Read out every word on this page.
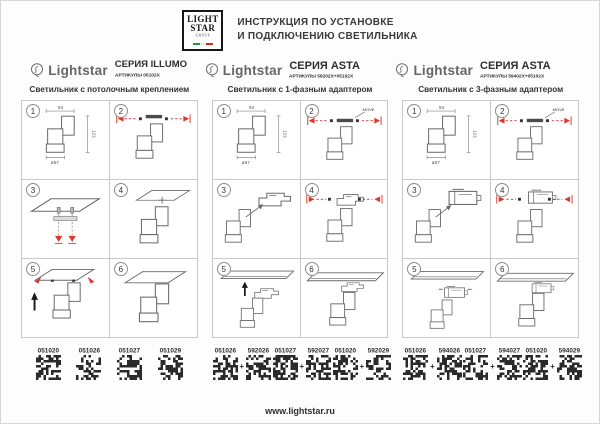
LIGHT
STAR
GROUP
ИНСТРУКЦИЯ ПО УСТАНОВКЕ
И ПОДКЛЮЧЕНИЮ СВЕТИЛЬНИКА
Lightstar СЕРИЯ ILLUMO
АРТИКУЛЫ 05102X
Светильник с потолочным креплением
1	94
121
ø57
2
3	4
5	6
051020 051026 051027 051029
Lightstar СЕРИЯ ASTA
АРТИКУЛЫ 59202X+05102X
Светильник с 1-фазным адаптером
1	94
121
ø57
2	MOVE
3	4
5	6
051026
+
592026 051027
+
592027 051020
+
592029
Lightstar СЕРИЯ ASTA
АРТИКУЛЫ 59402X+05102X
Светильник с 3-фазным адаптером
1	94
121
ø57
2	MOVE
3	4
5	6
051026
+
594026 051027
+
594027 051020
+
594029
www.lightstar.ru
